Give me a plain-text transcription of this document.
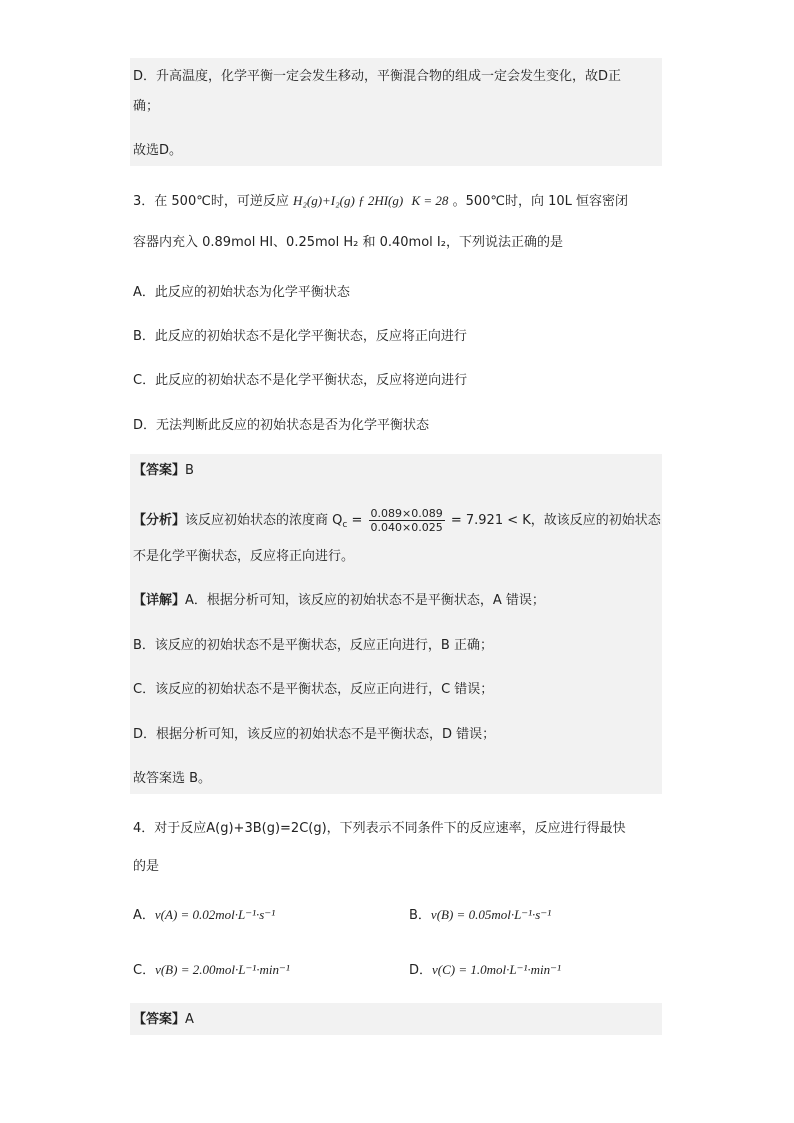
D．升高温度，化学平衡一定会发生移动，平衡混合物的组成一定会发生变化，故D正
确；
故选D。
3．在 500℃时，可逆反应 H₂(g)+I₂(g) ƒ 2HI(g) K = 28 。500℃时，向 10L 恒容密闭
容器内充入 0.89mol HI、0.25mol H₂ 和 0.40mol I₂，下列说法正确的是
A．此反应的初始状态为化学平衡状态
B．此反应的初始状态不是化学平衡状态，反应将正向进行
C．此反应的初始状态不是化学平衡状态，反应将逆向进行
D．无法判断此反应的初始状态是否为化学平衡状态
【答案】B
【分析】该反应初始状态的浓度商 $Q_c = \frac{0.089\times 0.089}{0.040\times 0.025} = 7.921 < K$，故该反应的初始状态
不是化学平衡状态，反应将正向进行。
【详解】A．根据分析可知，该反应的初始状态不是平衡状态，A 错误；
B．该反应的初始状态不是平衡状态，反应正向进行，B 正确；
C．该反应的初始状态不是平衡状态，反应正向进行，C 错误；
D．根据分析可知，该反应的初始状态不是平衡状态，D 错误；
故答案选 B。
4．对于反应A(g)+3B(g)=2C(g)，下列表示不同条件下的反应速率，反应进行得最快
的是
A．v(A) = 0.02mol·L⁻¹·s⁻¹	B．v(B) = 0.05mol·L⁻¹·s⁻¹
C．v(B) = 2.00mol·L⁻¹·min⁻¹	D．v(C) = 1.0mol·L⁻¹·min⁻¹
【答案】A
